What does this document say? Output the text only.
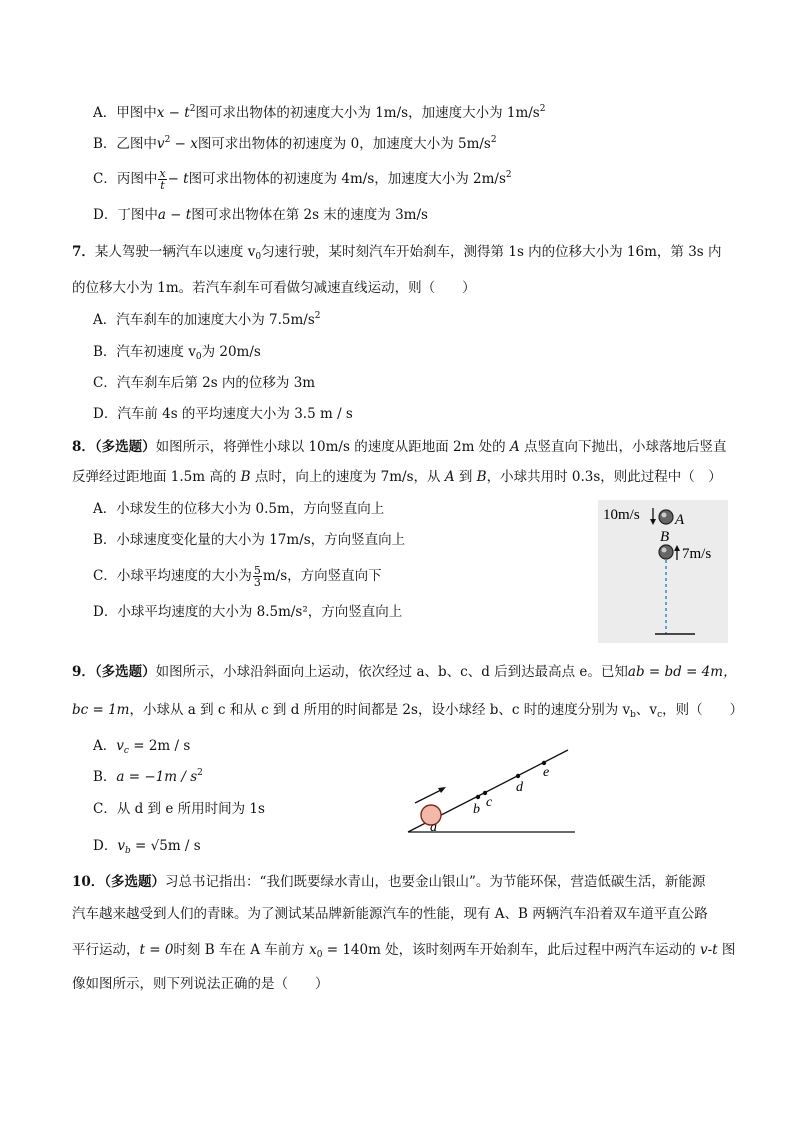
A．甲图中$x - t^2$图可求出物体的初速度大小为 1m/s，加速度大小为 $1m/s^2$
B．乙图中$v^2 - x$图可求出物体的初速度为 0，加速度大小为 $5m/s^2$
C．丙图中 $\frac{x}{t} - t$图可求出物体的初速度为 4m/s，加速度大小为 $2m/s^2$
D．丁图中a − t图可求出物体在第 2s 末的速度为 3m/s
7．某人驾驶一辆汽车以速度 $v_0$匀速行驶，某时刻汽车开始刹车，测得第 1s 内的位移大小为 16m，第 3s 内
的位移大小为 1m。若汽车刹车可看做匀减速直线运动，则（　　）
A．汽车刹车的加速度大小为 $7.5m/s^2$
B．汽车初速度 $v_0$为 20m/s
C．汽车刹车后第 2s 内的位移为 3m
D．汽车前 4s 的平均速度大小为 3.5 m / s
8．（多选题）如图所示，将弹性小球以 10m/s 的速度从距地面 2m 处的 A 点竖直向下抛出，小球落地后竖直
反弹经过距地面 1.5m 高的 B 点时，向上的速度为 7m/s，从 A 到 B，小球共用时 0.3s，则此过程中（　）
A．小球发生的位移大小为 0.5m，方向竖直向上
B．小球速度变化量的大小为 17m/s，方向竖直向上
C．小球平均速度的大小为 $\frac{5}{3} m/s$，方向竖直向下
D．小球平均速度的大小为 8.5m/s²，方向竖直向上
10m/s A
B
7m/s
9．（多选题）如图所示，小球沿斜面向上运动，依次经过 a、b、c、d 后到达最高点 e。已知ab = bd = 4m，
bc = 1m，小球从 a 到 c 和从 c 到 d 所用的时间都是 2s，设小球经 b、c 时的速度分别为 $v_b$、$v_c$，则（　　）
A．$v_c = 2m / s$
B．$a = -1m / s^2$
C．从 d 到 e 所用时间为 1s
D．$v_b = √5m / s$
a
b c
d
e
10．（多选题）习总书记指出：“我们既要绿水青山，也要金山银山”。为节能环保，营造低碳生活，新能源
汽车越来越受到人们的青睐。为了测试某品牌新能源汽车的性能，现有 A、B 两辆汽车沿着双车道平直公路
平行运动，t = 0时刻 B 车在 A 车前方 $x_0 = 140m$ 处，该时刻两车开始刹车，此后过程中两汽车运动的 v-t 图
像如图所示，则下列说法正确的是（　　）
